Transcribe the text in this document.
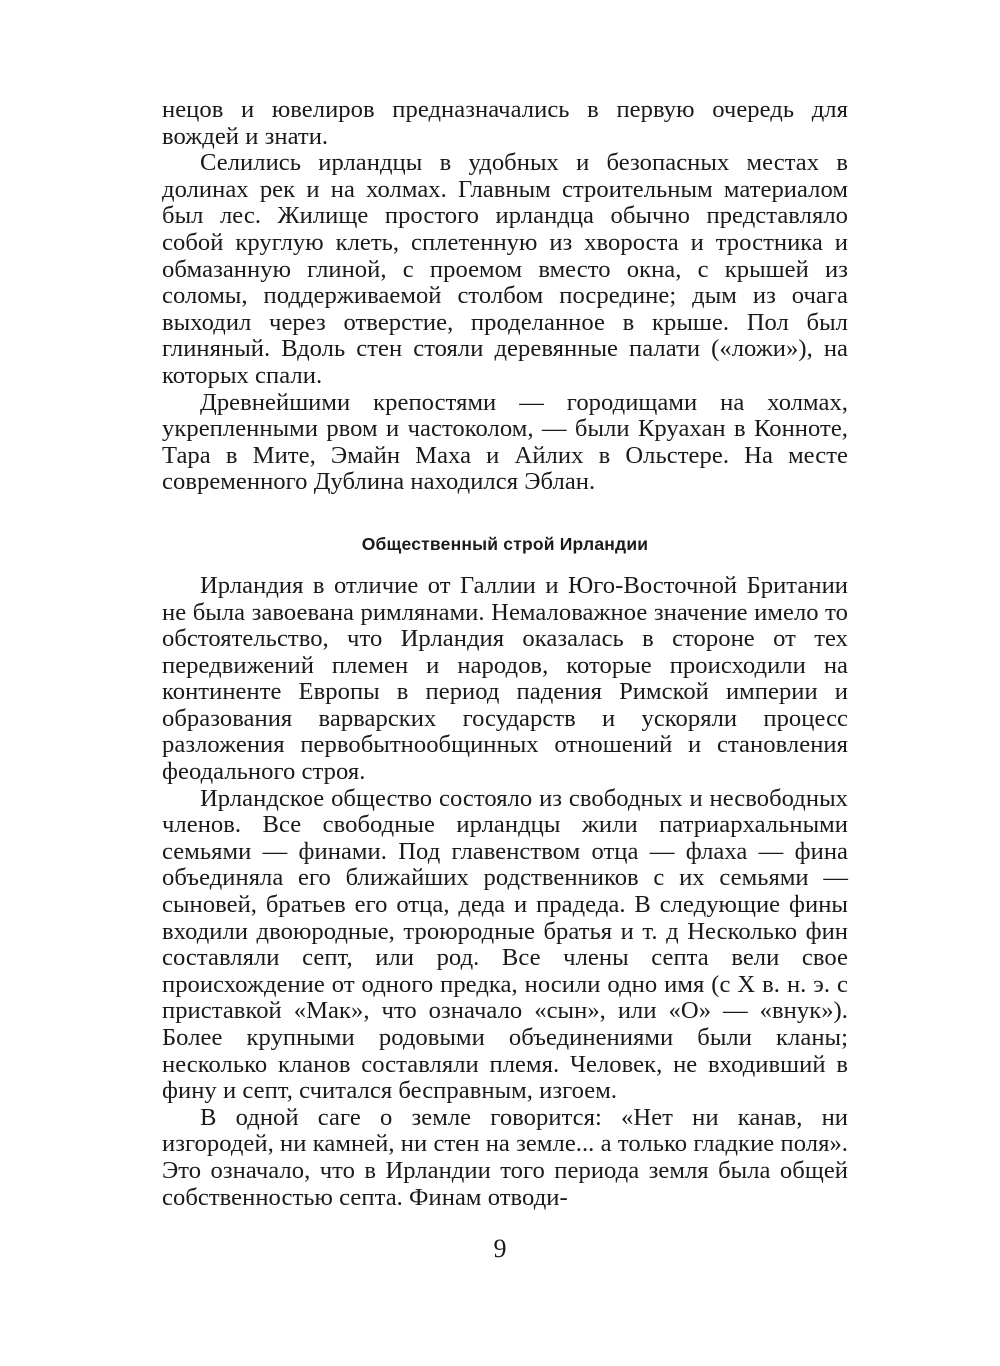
нецов и ювелиров предназначались в первую очередь для вождей и знати.

Селились ирландцы в удобных и безопасных местах в долинах рек и на холмах. Главным строительным материалом был лес. Жилище простого ирландца обычно представляло собой круглую клеть, сплетенную из хвороста и тростника и обмазанную глиной, с проемом вместо окна, с крышей из соломы, поддерживаемой столбом посредине; дым из очага выходил через отверстие, проделанное в крыше. Пол был глиняный. Вдоль стен стояли деревянные палати («ложи»), на которых спали.

Древнейшими крепостями — городищами на холмах, укрепленными рвом и частоколом, — были Круахан в Конноте, Тара в Мите, Эмайн Маха и Айлих в Ольстере. На месте современного Дублина находился Эблан.

Общественный строй Ирландии

Ирландия в отличие от Галлии и Юго-Восточной Британии не была завоевана римлянами. Немаловажное значение имело то обстоятельство, что Ирландия оказалась в стороне от тех передвижений племен и народов, которые происходили на континенте Европы в период падения Римской империи и образования варварских государств и ускоряли процесс разложения первобытнообщинных отношений и становления феодального строя.

Ирландское общество состояло из свободных и несвободных членов. Все свободные ирландцы жили патриархальными семьями — финами. Под главенством отца — флаха — фина объединяла его ближайших родственников с их семьями — сыновей, братьев его отца, деда и прадеда. В следующие фины входили двоюродные, троюродные братья и т. д Несколько фин составляли септ, или род. Все члены септа вели свое происхождение от одного предка, носили одно имя (с X в. н. э. с приставкой «Мак», что означало «сын», или «О» — «внук»). Более крупными родовыми объединениями были кланы; несколько кланов составляли племя. Человек, не входивший в фину и септ, считался бесправным, изгоем.

В одной саге о земле говорится: «Нет ни канав, ни изгородей, ни камней, ни стен на земле... а только гладкие поля». Это означало, что в Ирландии того периода земля была общей собственностью септа. Финам отводи-

9
